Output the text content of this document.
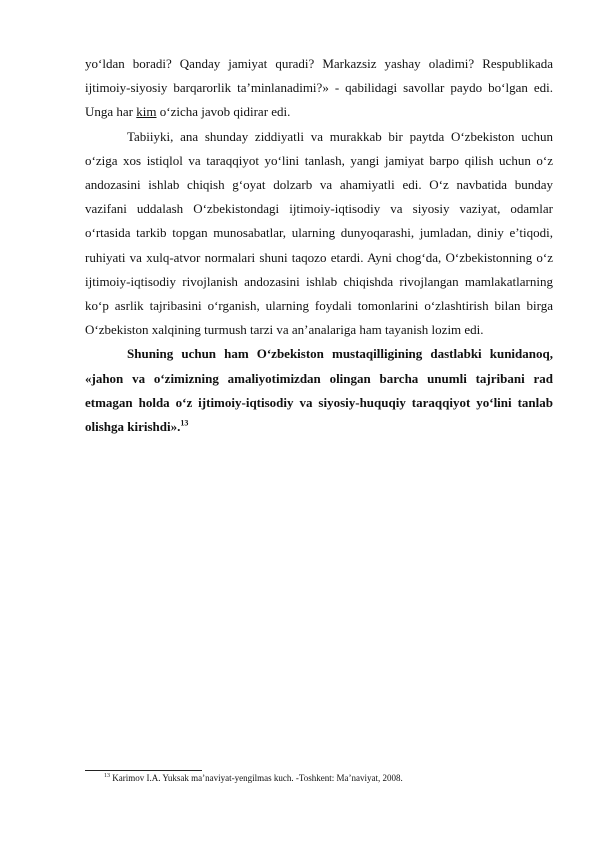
yo‘ldan boradi? Qanday jamiyat quradi? Markazsiz yashay oladimi? Respublikada ijtimoiy-siyosiy barqarorlik ta’minlanadimi?» - qabilidagi savollar paydo bo‘lgan edi. Unga har kim o‘zicha javob qidirar edi.

Tabiiyki, ana shunday ziddiyatli va murakkab bir paytda O‘zbekiston uchun o‘ziga xos istiqlol va taraqqiyot yo‘lini tanlash, yangi jamiyat barpo qilish uchun o‘z andozasini ishlab chiqish g‘oyat dolzarb va ahamiyatli edi. O‘z navbatida bunday vazifani uddalash O‘zbekistondagi ijtimoiy-iqtisodiy va siyosiy vaziyat, odamlar o‘rtasida tarkib topgan munosabatlar, ularning dunyoqarashi, jumladan, diniy e’tiqodi, ruhiyati va xulq-atvor normalari shuni taqozo etardi. Ayni chog‘da, O‘zbekistonning o‘z ijtimoiy-iqtisodiy rivojlanish andozasini ishlab chiqishda rivojlangan mamlakatlarning ko‘p asrlik tajribasini o‘rganish, ularning foydali tomonlarini o‘zlashtirish bilan birga O‘zbekiston xalqining turmush tarzi va an’analariga ham tayanish lozim edi.

Shuning uchun ham O‘zbekiston mustaqilligining dastlabki kunidanoq, «jahon va o‘zimizning amaliyotimizdan olingan barcha unumli tajribani rad etmagan holda o‘z ijtimoiy-iqtisodiy va siyosiy-huquqiy taraqqiyot yo‘lini tanlab olishga kirishdi».$^{13}$

$^{13}$ Karimov I.A. Yuksak ma’naviyat-yengilmas kuch. -Toshkent: Ma’naviyat, 2008.
